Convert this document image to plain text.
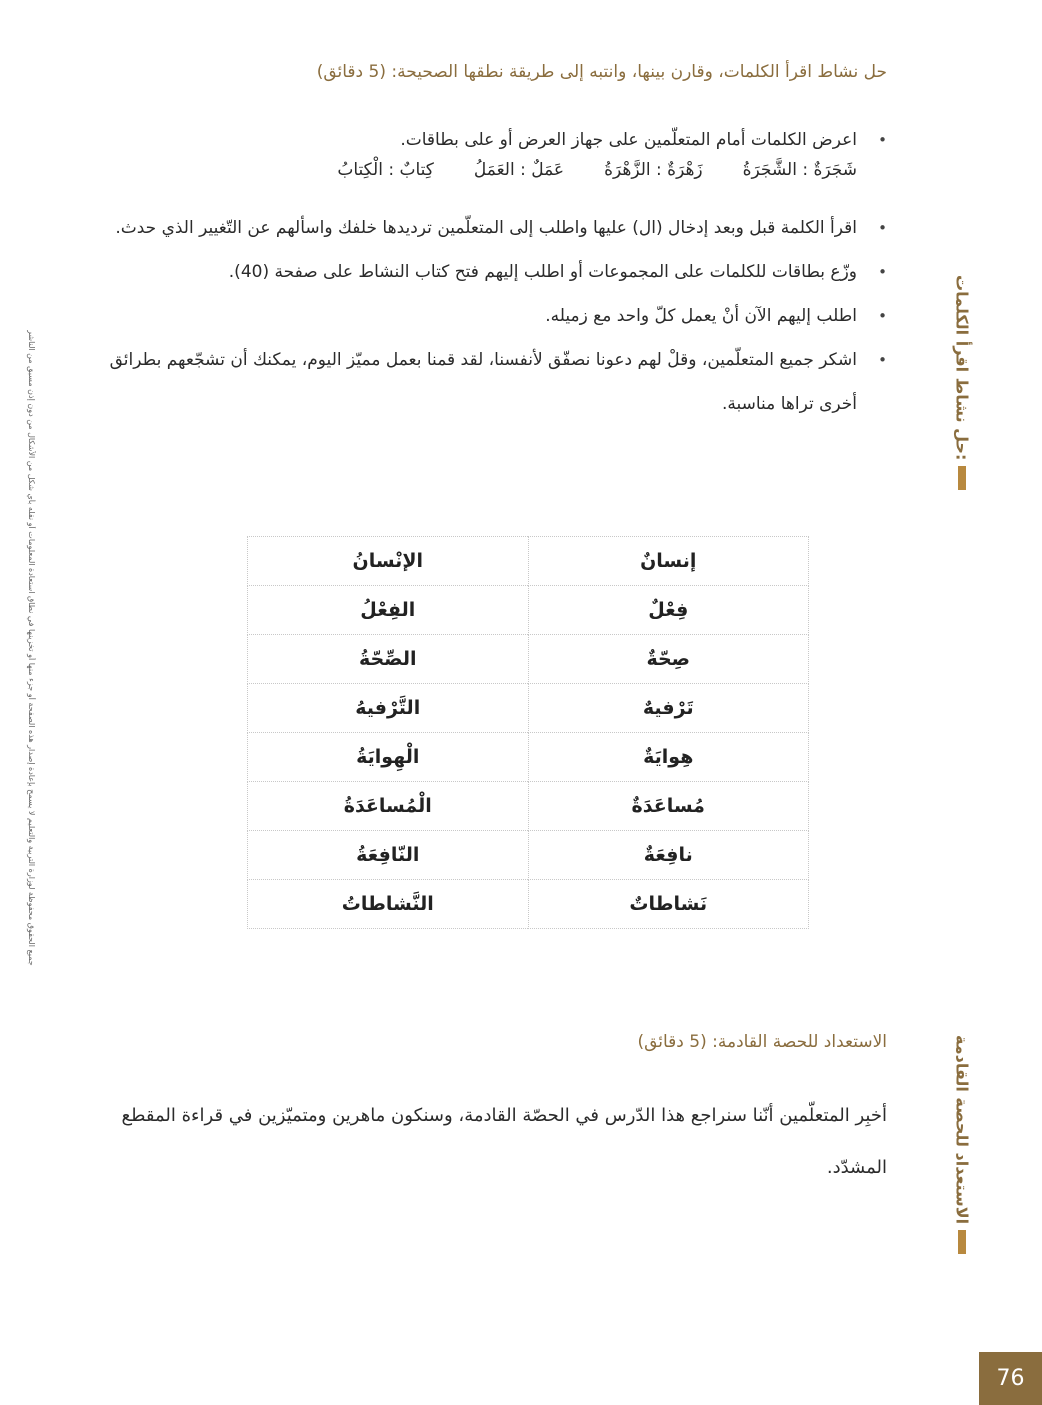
حل نشاط اقرأ الكلمات، وقارن بينها، وانتبه إلى طريقة نطقها الصحيحة: (5 دقائق)
• اعرض الكلمات أمام المتعلّمين على جهاز العرض أو على بطاقات.
• اقرأ الكلمة قبل وبعد إدخال (ال) عليها واطلب إلى المتعلّمين ترديدها خلفك واسألهم عن التّغيير الذي حدث.
• وزّع بطاقات للكلمات على المجموعات أو اطلب إليهم فتح كتاب النشاط على صفحة (40).
• اطلب إليهم الآن أنْ يعمل كلّ واحد مع زميله.
• اشكر جميع المتعلّمين، وقلْ لهم دعونا نصفّق لأنفسنا، لقد قمنا بعمل مميّز اليوم، يمكنك أن تشجّعهم بطرائق أخرى تراها مناسبة.
شَجَرَةٌ : الشَّجَرَةُ
زَهْرَةٌ : الزَّهْرَةُ
عَمَلٌ : العَمَلُ
كِتابٌ : الْكِتابُ
إنسانٌ	الإنْسانُ
فِعْلٌ	الفِعْلُ
صِحّةٌ	الصِّحّةُ
تَرْفيهٌ	التَّرْفيهُ
هِوايَةٌ	الْهِوايَةُ
مُساعَدَةٌ	الْمُساعَدَةُ
نافِعَةٌ	النّافِعَةُ
نَشاطاتٌ	النَّشاطاتُ
الاستعداد للحصة القادمة: (5 دقائق)
أخبِر المتعلّمين أنّنا سنراجع هذا الدّرس في الحصّة القادمة، وسنكون ماهرين ومتميّزين في قراءة المقطع المشدّد.
حل نشاط اقرأ الكلمات:
الاستعداد للحصة القادمة
جميع الحقوق محفوظة لوزارة التربية والتعليم لا يسمح بإعادة إصدار هذه الصفحة أو جزء منها أو تخزينها في نطاق استعادة المعلومات أو نقله بأي شكل من الأشكال من دون إذن مسبق من الناشر
76
